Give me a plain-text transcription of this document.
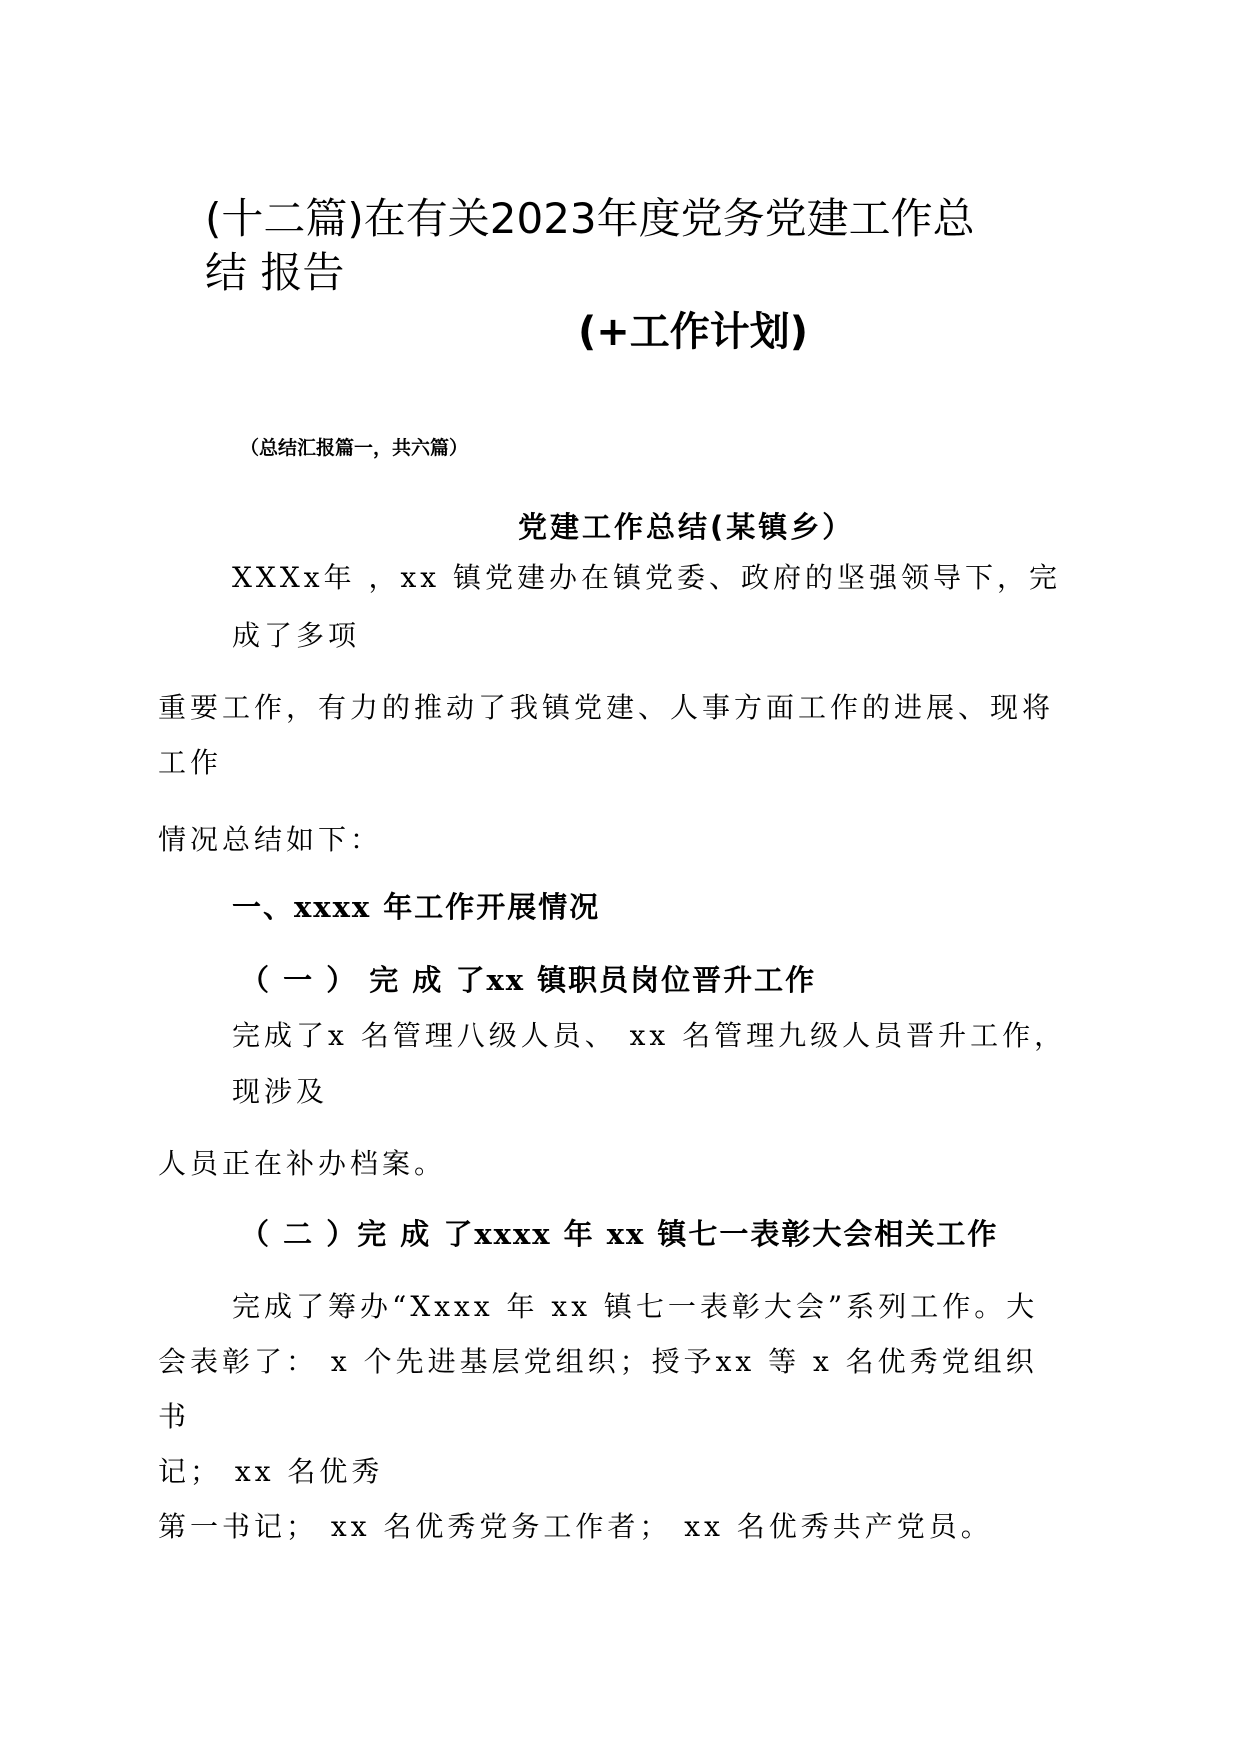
(十二篇)在有关2023年度党务党建工作总
结 报告
(+工作计划)
（总结汇报篇一，共六篇）
党建工作总结(某镇乡）
XXXx年 ，xx 镇党建办在镇党委、政府的坚强领导下，完
成了多项
重要工作，有力的推动了我镇党建、人事方面工作的进展、现将
工作
情况总结如下：
一、xxxx 年工作开展情况
（ 一 ） 完 成 了xx 镇职员岗位晋升工作
完成了x 名管理八级人员、 xx 名管理九级人员晋升工作，
现涉及
人员正在补办档案。
（ 二 ）完 成 了xxxx 年 xx 镇七一表彰大会相关工作
完成了筹办“Xxxx 年 xx 镇七一表彰大会”系列工作。大
会表彰了： x 个先进基层党组织；授予xx 等 x 名优秀党组织
书
记； xx 名优秀
第一书记； xx 名优秀党务工作者； xx 名优秀共产党员。
